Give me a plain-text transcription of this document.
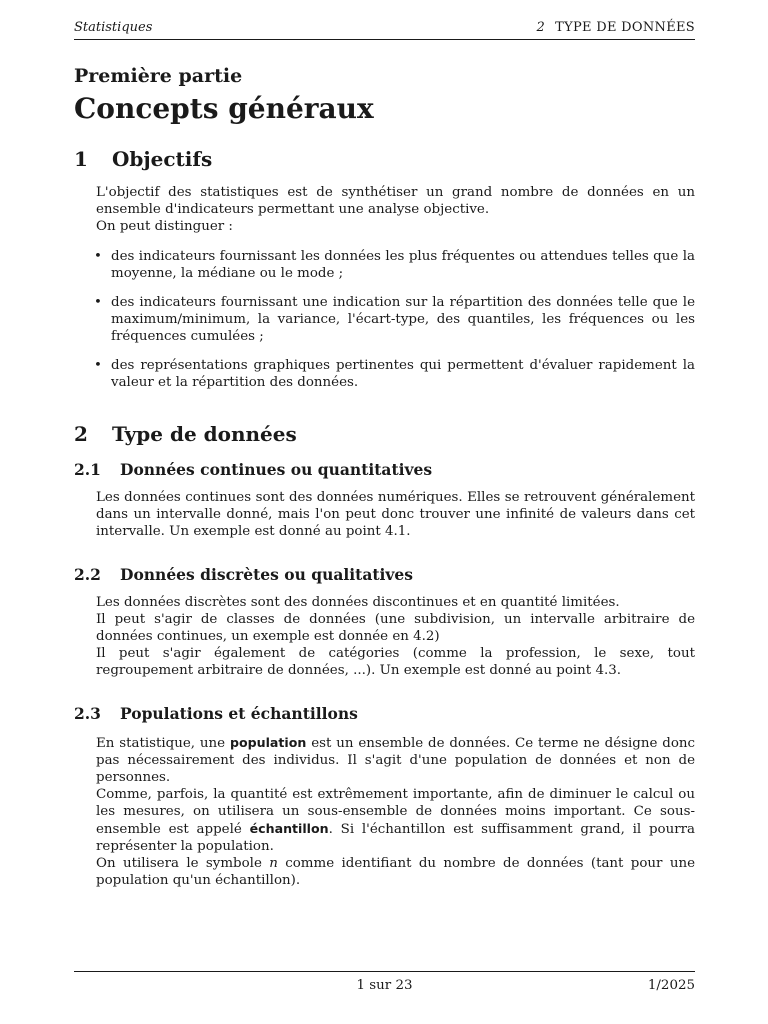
Statistiques	2 TYPE DE DONNÉES
Première partie
Concepts généraux
1	Objectifs
L'objectif des statistiques est de synthétiser un grand nombre de données en un ensemble d'indicateurs permettant une analyse objective.
On peut distinguer :
• des indicateurs fournissant les données les plus fréquentes ou attendues telles que la moyenne, la médiane ou le mode ;
• des indicateurs fournissant une indication sur la répartition des données telle que le maximum/minimum, la variance, l'écart-type, des quantiles, les fréquences ou les fréquences cumulées ;
• des représentations graphiques pertinentes qui permettent d'évaluer rapidement la valeur et la répartition des données.
2	Type de données
2.1	Données continues ou quantitatives
Les données continues sont des données numériques. Elles se retrouvent généralement dans un intervalle donné, mais l'on peut donc trouver une infinité de valeurs dans cet intervalle. Un exemple est donné au point 4.1.
2.2	Données discrètes ou qualitatives
Les données discrètes sont des données discontinues et en quantité limitées.
Il peut s'agir de classes de données (une subdivision, un intervalle arbitraire de données continues, un exemple est donnée en 4.2)
Il peut s'agir également de catégories (comme la profession, le sexe, tout regroupement arbitraire de données, ...). Un exemple est donné au point 4.3.
2.3	Populations et échantillons
En statistique, une population est un ensemble de données. Ce terme ne désigne donc pas nécessairement des individus. Il s'agit d'une population de données et non de personnes.
Comme, parfois, la quantité est extrêmement importante, afin de diminuer le calcul ou les mesures, on utilisera un sous-ensemble de données moins important. Ce sous-ensemble est appelé échantillon. Si l'échantillon est suffisamment grand, il pourra représenter la population.
On utilisera le symbole n comme identifiant du nombre de données (tant pour une population qu'un échantillon).
1 sur 23	1/2025
